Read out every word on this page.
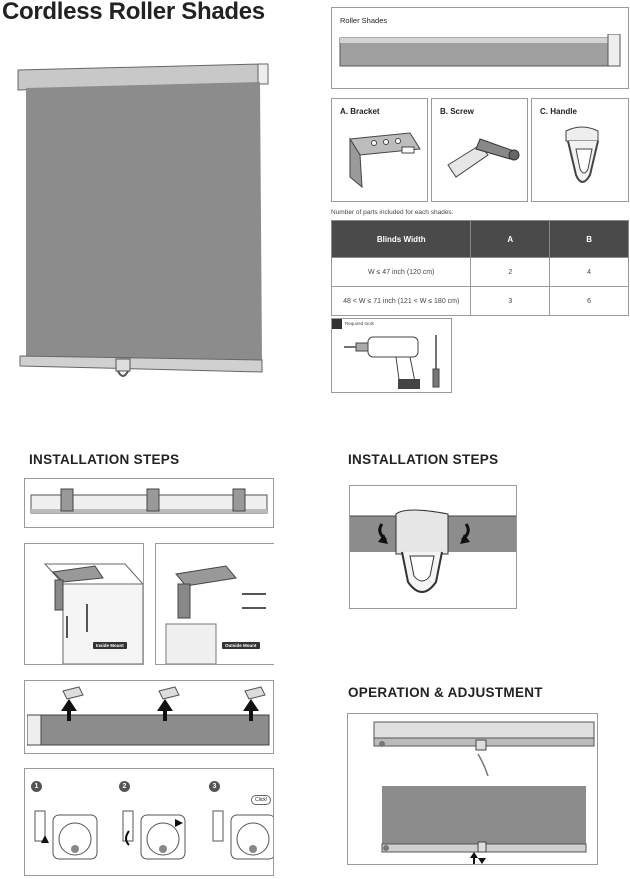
Cordless Roller Shades	Roller Shades
A. Bracket	B. Screw	C. Handle
Number of parts included for each shades:
Blinds Width	A	B
W ≤ 47 inch (120 cm)	2	4
48 < W ≤ 71 inch (121 < W ≤ 180 cm)	3	6
Required tools
INSTALLATION STEPS	INSTALLATION STEPS
OPERATION & ADJUSTMENT
Inside Mount	Outside Mount
1	2	3
Click!
